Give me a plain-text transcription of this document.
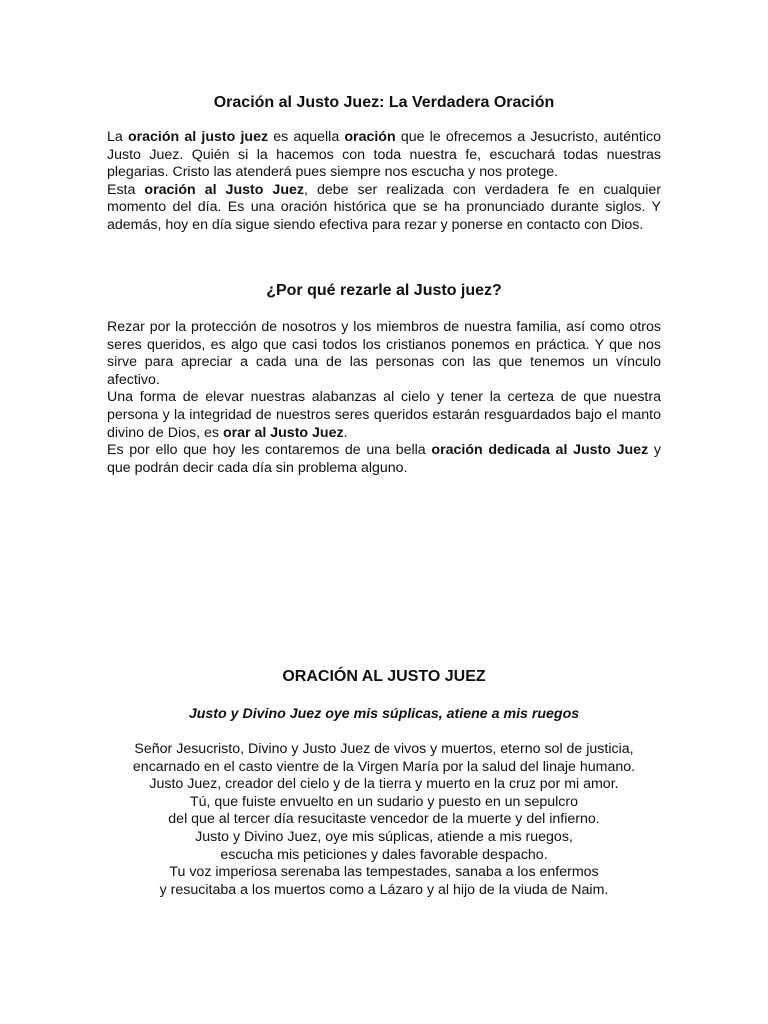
Oración al Justo Juez: La Verdadera Oración

La oración al justo juez es aquella oración que le ofrecemos a Jesucristo, auténtico Justo Juez. Quién si la hacemos con toda nuestra fe, escuchará todas nuestras plegarias. Cristo las atenderá pues siempre nos escucha y nos protege.

Esta oración al Justo Juez, debe ser realizada con verdadera fe en cualquier momento del día. Es una oración histórica que se ha pronunciado durante siglos. Y además, hoy en día sigue siendo efectiva para rezar y ponerse en contacto con Dios.

¿Por qué rezarle al Justo juez?

Rezar por la protección de nosotros y los miembros de nuestra familia, así como otros seres queridos, es algo que casi todos los cristianos ponemos en práctica. Y que nos sirve para apreciar a cada una de las personas con las que tenemos un vínculo afectivo.

Una forma de elevar nuestras alabanzas al cielo y tener la certeza de que nuestra persona y la integridad de nuestros seres queridos estarán resguardados bajo el manto divino de Dios, es orar al Justo Juez.

Es por ello que hoy les contaremos de una bella oración dedicada al Justo Juez y que podrán decir cada día sin problema alguno.

ORACIÓN AL JUSTO JUEZ
Justo y Divino Juez oye mis súplicas, atiene a mis ruegos
Señor Jesucristo, Divino y Justo Juez de vivos y muertos, eterno sol de justicia,
encarnado en el casto vientre de la Virgen María por la salud del linaje humano.
Justo Juez, creador del cielo y de la tierra y muerto en la cruz por mi amor.
Tú, que fuiste envuelto en un sudario y puesto en un sepulcro
del que al tercer día resucitaste vencedor de la muerte y del infierno.
Justo y Divino Juez, oye mis súplicas, atiende a mis ruegos,
escucha mis peticiones y dales favorable despacho.
Tu voz imperiosa serenaba las tempestades, sanaba a los enfermos
y resucitaba a los muertos como a Lázaro y al hijo de la viuda de Naim.
